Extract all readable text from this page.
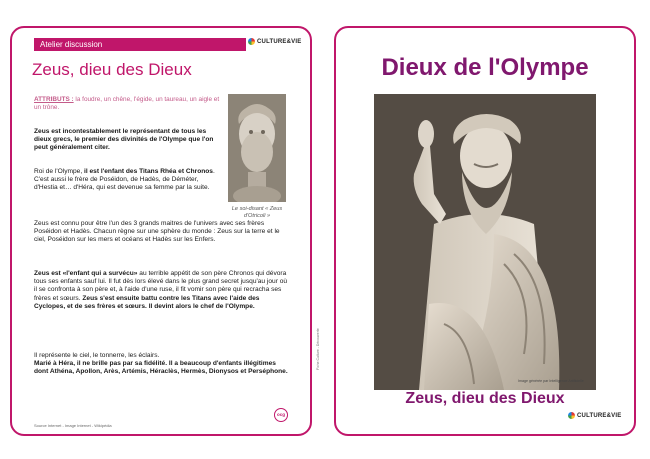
Atelier discussion	CULTURE&VIE
Zeus, dieu des Dieux
ATTRIBUTS : la foudre, un chêne, l'égide, un taureau, un aigle et un trône.
Le soi-disant « Zeus d'Otricoli »

Zeus est incontestablement le représentant de tous les dieux grecs, le premier des divinités de l'Olympe que l'on peut généralement citer.

Roi de l'Olympe, il est l'enfant des Titans Rhéa et Chronos. C'est aussi le frère de Poséidon, de Hadès, de Déméter, d'Hestia et… d'Héra, qui est devenue sa femme par la suite.

Zeus est connu pour être l'un des 3 grands maitres de l'univers avec ses frères Poséidon et Hadès. Chacun règne sur une sphère du monde : Zeus sur la terre et le ciel, Poséidon sur les mers et océans et Hadès sur les Enfers.

Zeus est «l'enfant qui a survécu» au terrible appétit de son père Chronos qui dévora tous ses enfants sauf lui. Il fut dès lors élevé dans le plus grand secret jusqu'au jour où il se confronta à son père et, à l'aide d'une ruse, il fit vomir son père qui recracha ses frères et sœurs. Zeus s'est ensuite battu contre les Titans avec l'aide des Cyclopes, et de ses frères et sœurs. Il devint alors le chef de l'Olympe.

Il représente le ciel, le tonnerre, les éclairs.
Marié à Héra, il ne brille pas par sa fidélité. Il a beaucoup d'enfants illégitimes dont Athéna, Apollon, Arès, Artémis, Héraclès, Hermès, Dionysos et Perséphone.

Source Internet - Image Internet - Wikipédia
ocg
Fiche Culture - Découverte
Dieux de l'Olympe
Image générée par Intelligence Artificielle
Zeus, dieu des Dieux
CULTURE&VIE
